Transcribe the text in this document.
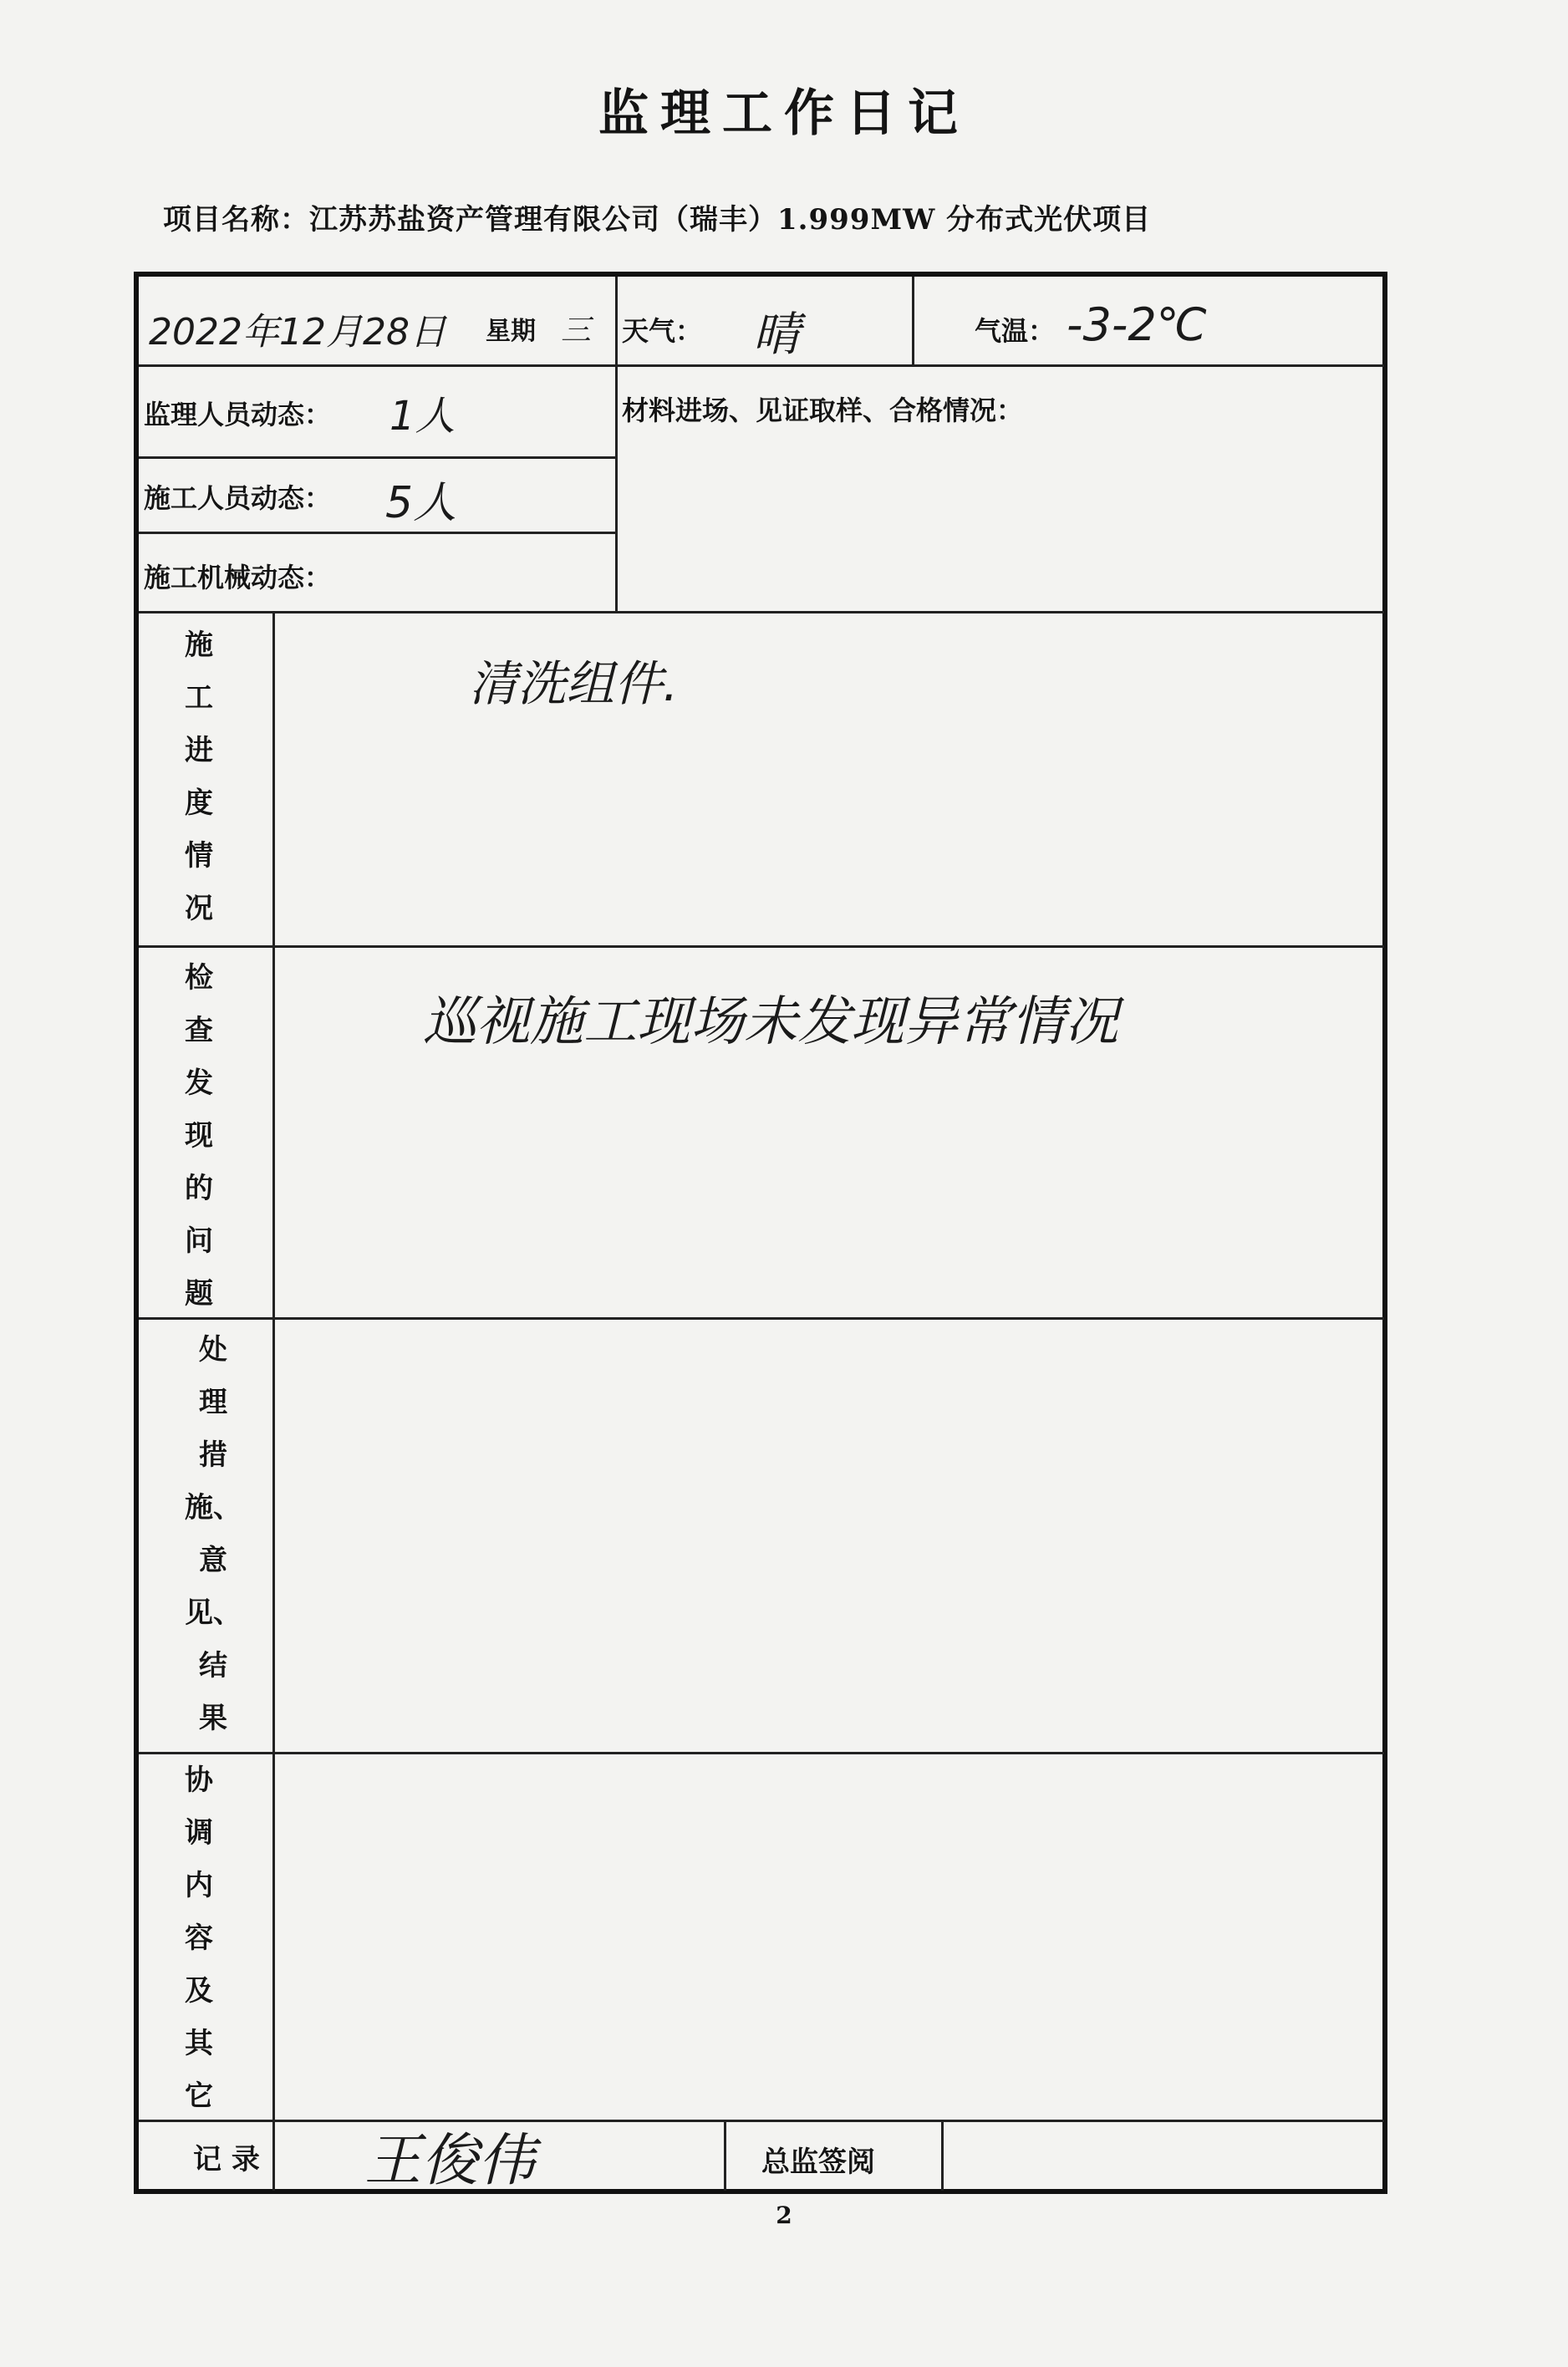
监理工作日记
项目名称：江苏苏盐资产管理有限公司（瑞丰）1.999MW 分布式光伏项目
2022年12月28日 星期 三 天气： 晴	气温： -3-2℃
监理人员动态： 1人
施工人员动态： 5人
施工机械动态：
材料进场、见证取样、合格情况：
施
工
进
度
情
况
清洗组件.
检
查
发
现
的
问
题
巡视施工现场未发现异常情况
处
理
措
施、
意
见、
结
果
协
调
内
容
及
其
它
记 录 王俊伟	总监签阅
2
